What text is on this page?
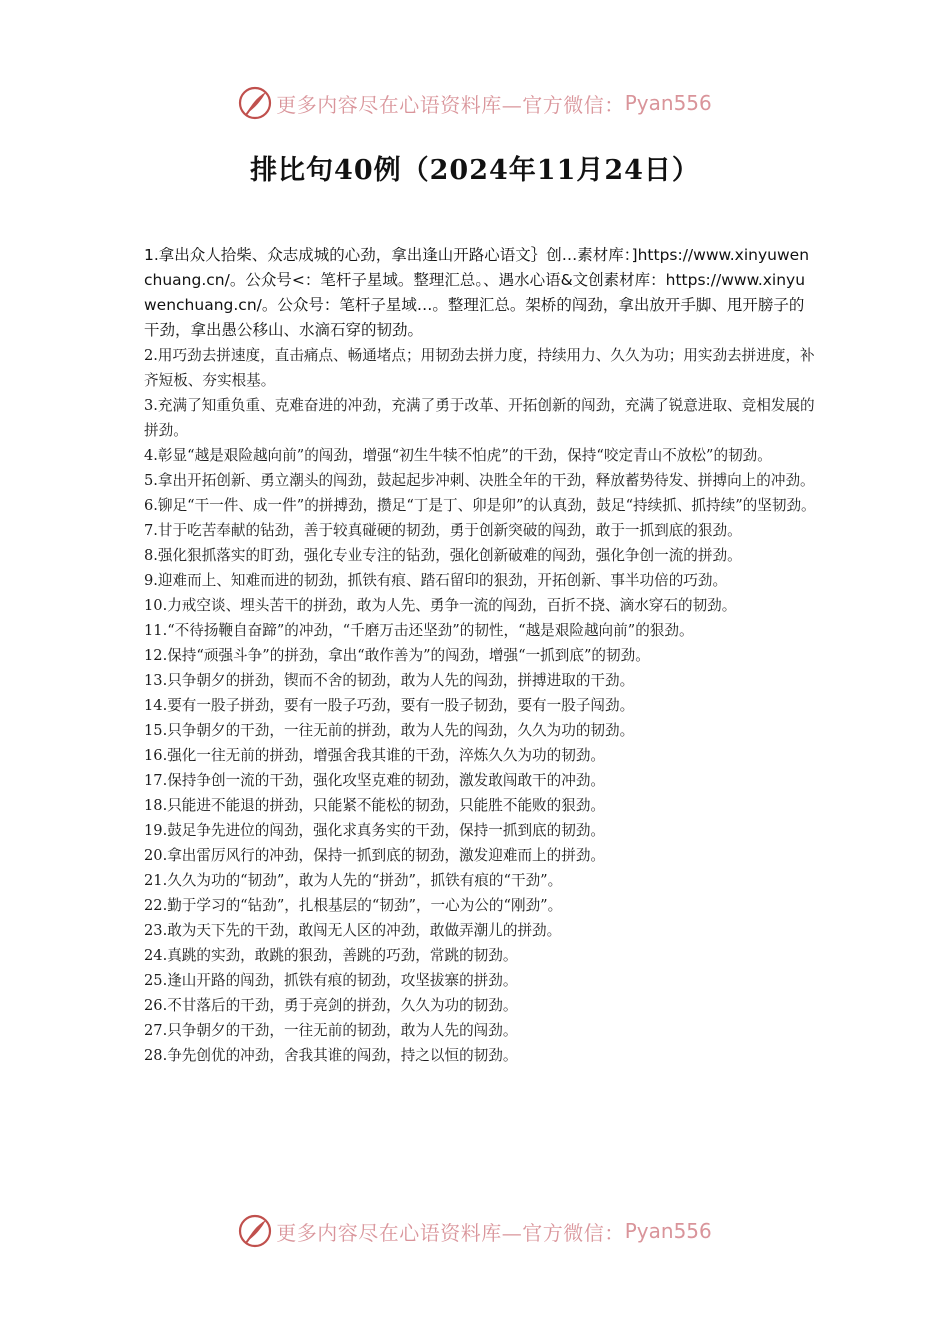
更多内容尽在心语资料库—官方微信： Pyan556
排比句40例（2024年11月24日）

1.拿出众人拾柴、众志成城的心劲，拿出逢山开路心语文｝创…素材库：]https://www.xinyuwenchuang.cn/。公众号<：笔杆子星域。整理汇总。、遇水心语&文创素材库：https://www.xinyuwenchuang.cn/。公众号：笔杆子星域…。整理汇总。架桥的闯劲，拿出放开手脚、甩开膀子的干劲，拿出愚公移山、水滴石穿的韧劲。

2.用巧劲去拼速度，直击痛点、畅通堵点；用韧劲去拼力度，持续用力、久久为功；用实劲去拼进度，补齐短板、夯实根基。

3.充满了知重负重、克难奋进的冲劲，充满了勇于改革、开拓创新的闯劲，充满了锐意进取、竞相发展的拼劲。

4.彰显“越是艰险越向前”的闯劲，增强“初生牛犊不怕虎”的干劲，保持“咬定青山不放松”的韧劲。

5.拿出开拓创新、勇立潮头的闯劲，鼓起起步冲刺、决胜全年的干劲，释放蓄势待发、拼搏向上的冲劲。

6.铆足“干一件、成一件”的拼搏劲，攒足“丁是丁、卯是卯”的认真劲，鼓足“持续抓、抓持续”的坚韧劲。

7.甘于吃苦奉献的钻劲，善于较真碰硬的韧劲，勇于创新突破的闯劲，敢于一抓到底的狠劲。

8.强化狠抓落实的盯劲，强化专业专注的钻劲，强化创新破难的闯劲，强化争创一流的拼劲。

9.迎难而上、知难而进的韧劲，抓铁有痕、踏石留印的狠劲，开拓创新、事半功倍的巧劲。

10.力戒空谈、埋头苦干的拼劲，敢为人先、勇争一流的闯劲，百折不挠、滴水穿石的韧劲。

11.“不待扬鞭自奋蹄”的冲劲，“千磨万击还坚劲”的韧性，“越是艰险越向前”的狠劲。

12.保持“顽强斗争”的拼劲，拿出“敢作善为”的闯劲，增强“一抓到底”的韧劲。

13.只争朝夕的拼劲，锲而不舍的韧劲，敢为人先的闯劲，拼搏进取的干劲。

14.要有一股子拼劲，要有一股子巧劲，要有一股子韧劲，要有一股子闯劲。

15.只争朝夕的干劲，一往无前的拼劲，敢为人先的闯劲，久久为功的韧劲。

16.强化一往无前的拼劲，增强舍我其谁的干劲，淬炼久久为功的韧劲。

17.保持争创一流的干劲，强化攻坚克难的韧劲，激发敢闯敢干的冲劲。

18.只能进不能退的拼劲，只能紧不能松的韧劲，只能胜不能败的狠劲。

19.鼓足争先进位的闯劲，强化求真务实的干劲，保持一抓到底的韧劲。

20.拿出雷厉风行的冲劲，保持一抓到底的韧劲，激发迎难而上的拼劲。

21.久久为功的“韧劲”，敢为人先的“拼劲”，抓铁有痕的“干劲”。

22.勤于学习的“钻劲”，扎根基层的“韧劲”，一心为公的“刚劲”。

23.敢为天下先的干劲，敢闯无人区的冲劲，敢做弄潮儿的拼劲。

24.真跳的实劲，敢跳的狠劲，善跳的巧劲，常跳的韧劲。

25.逢山开路的闯劲，抓铁有痕的韧劲，攻坚拔寨的拼劲。

26.不甘落后的干劲，勇于亮剑的拼劲，久久为功的韧劲。

27.只争朝夕的干劲，一往无前的韧劲，敢为人先的闯劲。

28.争先创优的冲劲，舍我其谁的闯劲，持之以恒的韧劲。

更多内容尽在心语资料库—官方微信： Pyan556
